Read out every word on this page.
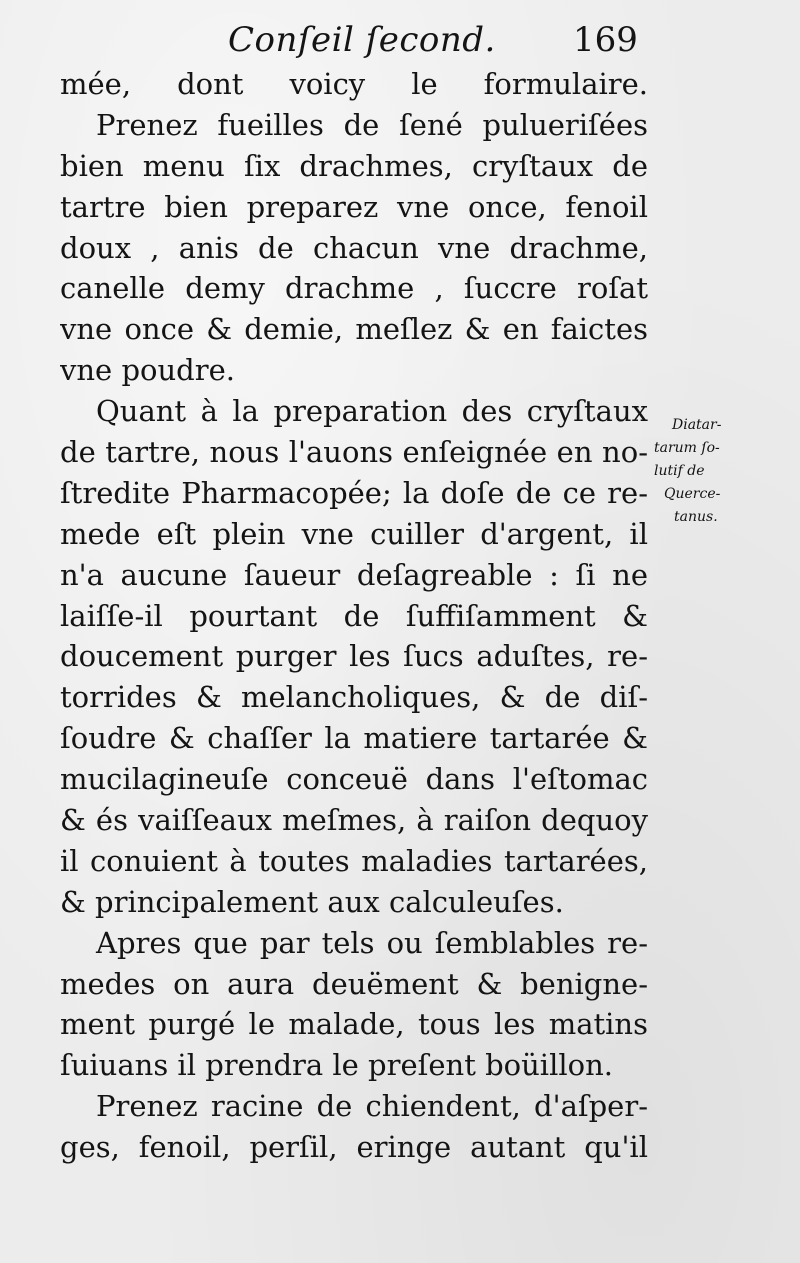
Conſeil ſecond. 169
mée, dont voicy le formulaire.
Prenez fueilles de ſené pulueriſées
bien menu ſix drachmes, cryſtaux de
tartre bien preparez vne once, fenoil
doux , anis de chacun vne drachme,
canelle demy drachme , ſuccre roſat
vne once & demie, meſlez & en faictes
vne poudre.
Quant à la preparation des cryſtaux
de tartre, nous l'auons enſeignée en no-
ſtredite Pharmacopée; la doſe de ce re-
mede eſt plein vne cuiller d'argent, il
n'a aucune ſaueur deſagreable : ſi ne
laiſſe-il pourtant de ſuffiſamment &
doucement purger les ſucs aduſtes, re-
torrides & melancholiques, & de diſ-
ſoudre & chaſſer la matiere tartarée &
mucilagineuſe conceuë dans l'eſtomac
& és vaiſſeaux meſmes, à raiſon dequoy
il conuient à toutes maladies tartarées,
& principalement aux calculeuſes.
Apres que par tels ou ſemblables re-
medes on aura deuëment & benigne-
ment purgé le malade, tous les matins
ſuiuans il prendra le preſent boüillon.
Prenez racine de chiendent, d'aſper-
ges, fenoil, perſil, eringe autant qu'il
Diatar-
tarum ſo-
lutif de
Querce-
tanus.
